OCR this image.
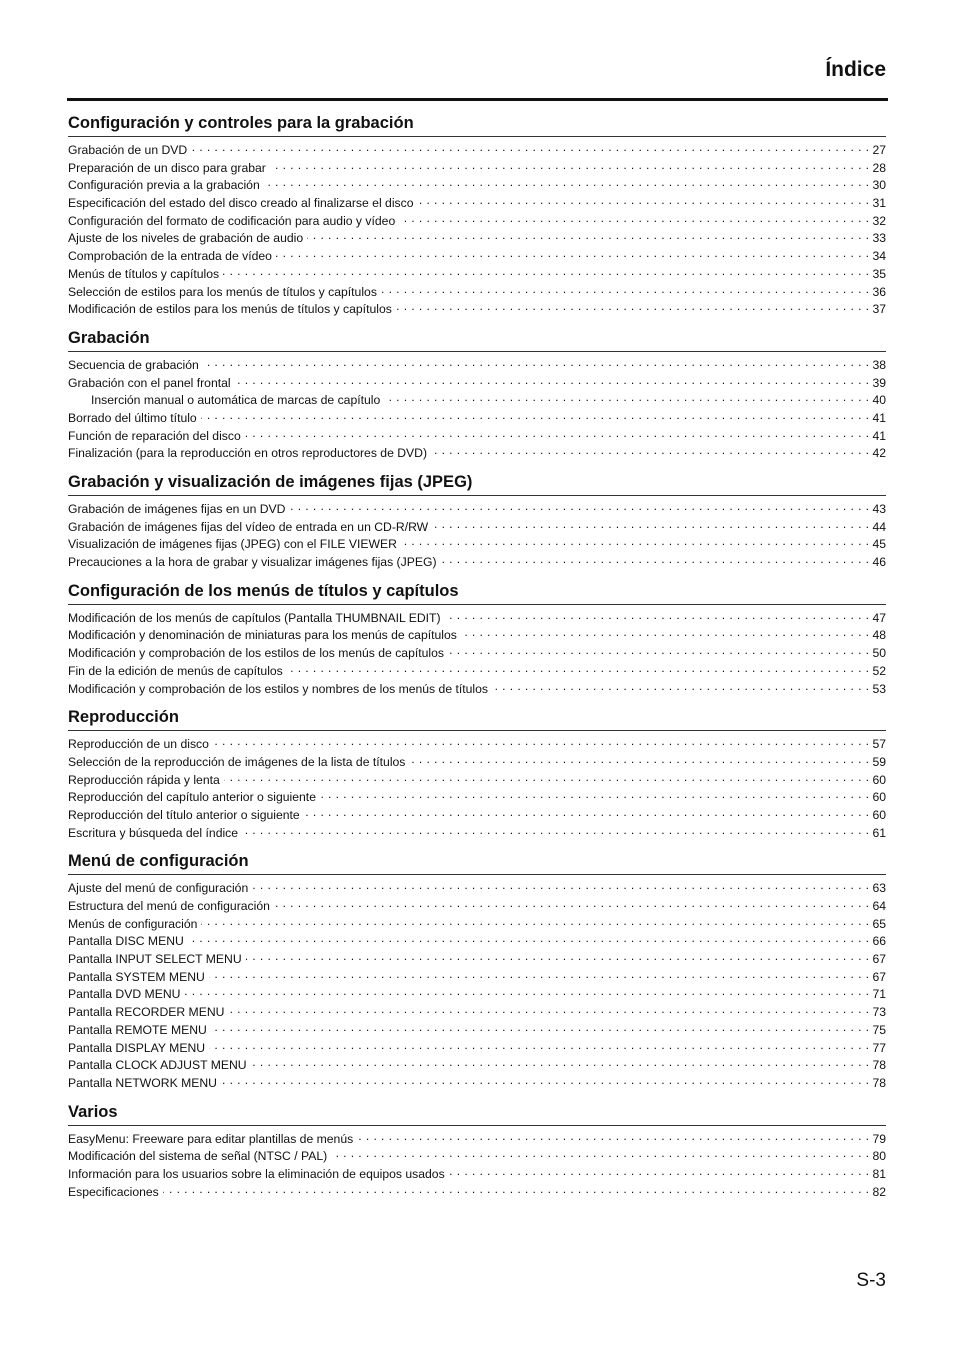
Índice
Configuración y controles para la grabación
Grabación de un DVD . . .	27
Preparación de un disco para grabar . . .	28
Configuración previa a la grabación . . .	30
Especificación del estado del disco creado al finalizarse el disco . . .	31
Configuración del formato de codificación para audio y vídeo . . .	32
Ajuste de los niveles de grabación de audio . . .	33
Comprobación de la entrada de vídeo . . .	34
Menús de títulos y capítulos . . .	35
Selección de estilos para los menús de títulos y capítulos . . .	36
Modificación de estilos para los menús de títulos y capítulos . . .	37
Grabación
Secuencia de grabación . . .	38
Grabación con el panel frontal . . .	39
Inserción manual o automática de marcas de capítulo . . .	40
Borrado del último título . . .	41
Función de reparación del disco . . .	41
Finalización (para la reproducción en otros reproductores de DVD) . . .	42
Grabación y visualización de imágenes fijas (JPEG)
Grabación de imágenes fijas en un DVD . . .	43
Grabación de imágenes fijas del vídeo de entrada en un CD-R/RW . . .	44
Visualización de imágenes fijas (JPEG) con el FILE VIEWER . . .	45
Precauciones a la hora de grabar y visualizar imágenes fijas (JPEG) . . .	46
Configuración de los menús de títulos y capítulos
Modificación de los menús de capítulos (Pantalla THUMBNAIL EDIT) . . .	47
Modificación y denominación de miniaturas para los menús de capítulos . . .	48
Modificación y comprobación de los estilos de los menús de capítulos . . .	50
Fin de la edición de menús de capítulos . . .	52
Modificación y comprobación de los estilos y nombres de los menús de títulos . . .	53
Reproducción
Reproducción de un disco . . .	57
Selección de la reproducción de imágenes de la lista de títulos . . .	59
Reproducción rápida y lenta . . .	60
Reproducción del capítulo anterior o siguiente . . .	60
Reproducción del título anterior o siguiente . . .	60
Escritura y búsqueda del índice . . .	61
Menú de configuración
Ajuste del menú de configuración . . .	63
Estructura del menú de configuración . . .	64
Menús de configuración . . .	65
Pantalla DISC MENU . . .	66
Pantalla INPUT SELECT MENU . . .	67
Pantalla SYSTEM MENU . . .	67
Pantalla DVD MENU . . .	71
Pantalla RECORDER MENU . . .	73
Pantalla REMOTE MENU . . .	75
Pantalla DISPLAY MENU . . .	77
Pantalla CLOCK ADJUST MENU . . .	78
Pantalla NETWORK MENU . . .	78
Varios
EasyMenu: Freeware para editar plantillas de menús . . .	79
Modificación del sistema de señal (NTSC / PAL) . . .	80
Información para los usuarios sobre la eliminación de equipos usados . . .	81
Especificaciones . . .	82

S-3
